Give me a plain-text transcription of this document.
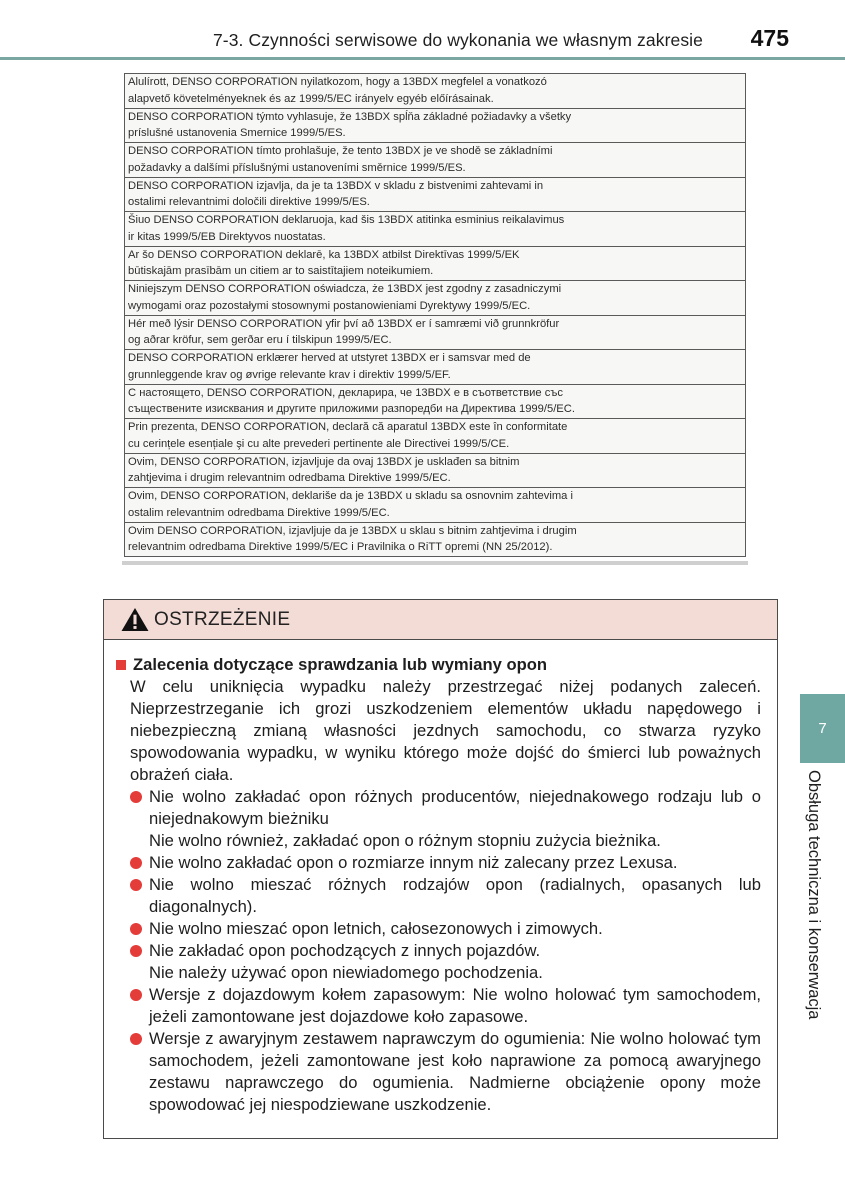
7-3. Czynności serwisowe do wykonania we własnym zakresie 475
Alulírott, DENSO CORPORATION nyilatkozom, hogy a 13BDX megfelel a vonatkozó
alapvető követelményeknek és az 1999/5/EC irányelv egyéb előírásainak.

DENSO CORPORATION týmto vyhlasuje, že 13BDX spĺňa základné požiadavky a všetky
príslušné ustanovenia Smernice 1999/5/ES.

DENSO CORPORATION tímto prohlašuje, že tento 13BDX je ve shodě se základními
požadavky a dalšími příslušnými ustanoveními směrnice 1999/5/ES.

DENSO CORPORATION izjavlja, da je ta 13BDX v skladu z bistvenimi zahtevami in
ostalimi relevantnimi določili direktive 1999/5/ES.

Šiuo DENSO CORPORATION deklaruoja, kad šis 13BDX atitinka esminius reikalavimus
ir kitas 1999/5/EB Direktyvos nuostatas.

Ar šo DENSO CORPORATION deklarē, ka 13BDX atbilst Direktīvas 1999/5/EK
būtiskajām prasībām un citiem ar to saistītajiem noteikumiem.

Niniejszym DENSO CORPORATION oświadcza, że 13BDX jest zgodny z zasadniczymi
wymogami oraz pozostałymi stosownymi postanowieniami Dyrektywy 1999/5/EC.

Hér með lýsir DENSO CORPORATION yfir því að 13BDX er í samræmi við grunnkröfur
og aðrar kröfur, sem gerðar eru í tilskipun 1999/5/EC.

DENSO CORPORATION erklærer herved at utstyret 13BDX er i samsvar med de
grunnleggende krav og øvrige relevante krav i direktiv 1999/5/EF.

С настоящето, DENSO CORPORATION, декларира, че 13BDX е в съответствие със
съществените изисквания и другите приложими разпоредби на Директива 1999/5/ЕС.

Prin prezenta, DENSO CORPORATION, declară că aparatul 13BDX este în conformitate
cu cerințele esențiale şi cu alte prevederi pertinente ale Directivei 1999/5/CE.

Ovim, DENSO CORPORATION, izjavljuje da ovaj 13BDX je usklađen sa bitnim
zahtjevima i drugim relevantnim odredbama Direktive 1999/5/EC.

Ovim, DENSO CORPORATION, deklariše da je 13BDX u skladu sa osnovnim zahtevima i
ostalim relevantnim odredbama Direktive 1999/5/EC.

Ovim DENSO CORPORATION, izjavljuje da je 13BDX u sklau s bitnim zahtjevima i drugim
relevantnim odredbama Direktive 1999/5/EC i Pravilnika o RiTT opremi (NN 25/2012).
OSTRZEŻENIE
Zalecenia dotyczące sprawdzania lub wymiany opon
W celu uniknięcia wypadku należy przestrzegać niżej podanych zaleceń. Nieprzestrzeganie ich grozi uszkodzeniem elementów układu napędowego i niebezpieczną zmianą własności jezdnych samochodu, co stwarza ryzyko spowodowania wypadku, w wyniku którego może dojść do śmierci lub poważnych obrażeń ciała.
Nie wolno zakładać opon różnych producentów, niejednakowego rodzaju lub o niejednakowym bieżniku
Nie wolno również, zakładać opon o różnym stopniu zużycia bieżnika.
Nie wolno zakładać opon o rozmiarze innym niż zalecany przez Lexusa.
Nie wolno mieszać różnych rodzajów opon (radialnych, opasanych lub diagonalnych).
Nie wolno mieszać opon letnich, całosezonowych i zimowych.
Nie zakładać opon pochodzących z innych pojazdów.
Nie należy używać opon niewiadomego pochodzenia.
Wersje z dojazdowym kołem zapasowym: Nie wolno holować tym samochodem, jeżeli zamontowane jest dojazdowe koło zapasowe.
Wersje z awaryjnym zestawem naprawczym do ogumienia: Nie wolno holować tym samochodem, jeżeli zamontowane jest koło naprawione za pomocą awaryjnego zestawu naprawczego do ogumienia. Nadmierne obciążenie opony może spowodować jej niespodziewane uszkodzenie.
7
Obsługa techniczna i konserwacja
